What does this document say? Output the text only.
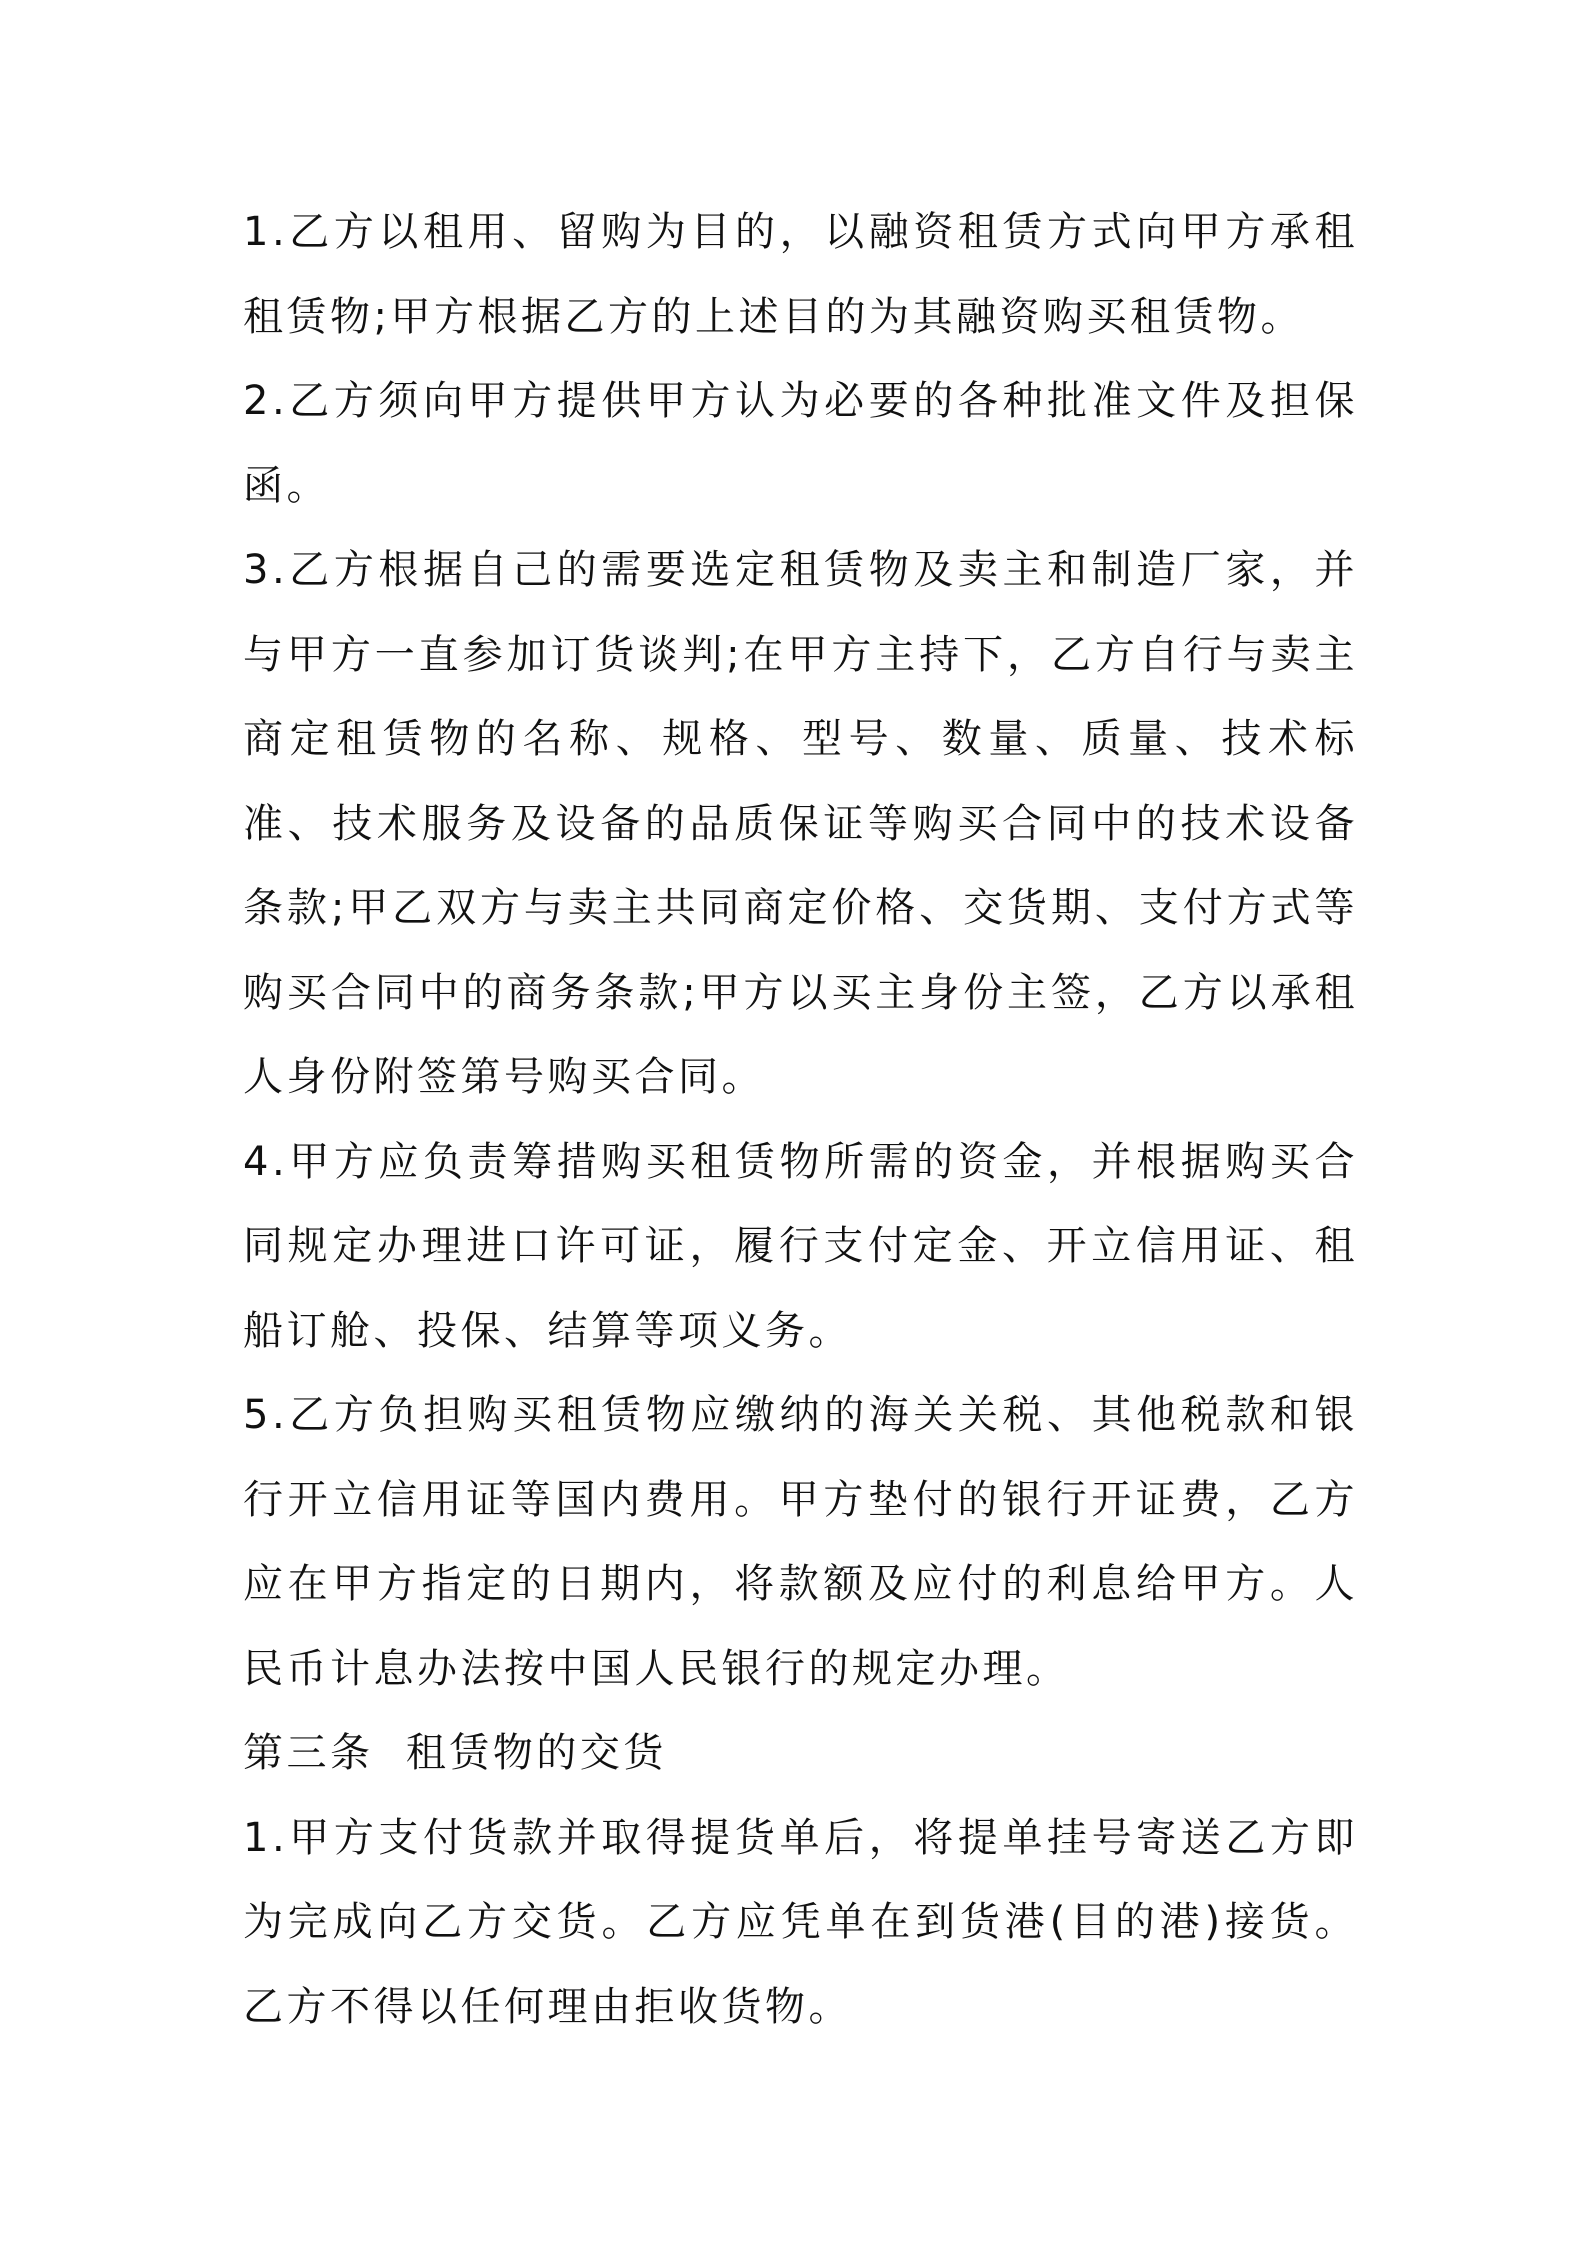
1.乙方以租用、留购为目的，以融资租赁方式向甲方承租租赁物;甲方根据乙方的上述目的为其融资购买租赁物。

2.乙方须向甲方提供甲方认为必要的各种批准文件及担保函。

3.乙方根据自己的需要选定租赁物及卖主和制造厂家，并与甲方一直参加订货谈判;在甲方主持下，乙方自行与卖主商定租赁物的名称、规格、型号、数量、质量、技术标准、技术服务及设备的品质保证等购买合同中的技术设备条款;甲乙双方与卖主共同商定价格、交货期、支付方式等购买合同中的商务条款;甲方以买主身份主签，乙方以承租人身份附签第号购买合同。

4.甲方应负责筹措购买租赁物所需的资金，并根据购买合同规定办理进口许可证，履行支付定金、开立信用证、租船订舱、投保、结算等项义务。

5.乙方负担购买租赁物应缴纳的海关关税、其他税款和银行开立信用证等国内费用。甲方垫付的银行开证费，乙方应在甲方指定的日期内，将款额及应付的利息给甲方。人民币计息办法按中国人民银行的规定办理。

第三条  租赁物的交货

1.甲方支付货款并取得提货单后，将提单挂号寄送乙方即为完成向乙方交货。乙方应凭单在到货港(目的港)接货。乙方不得以任何理由拒收货物。
